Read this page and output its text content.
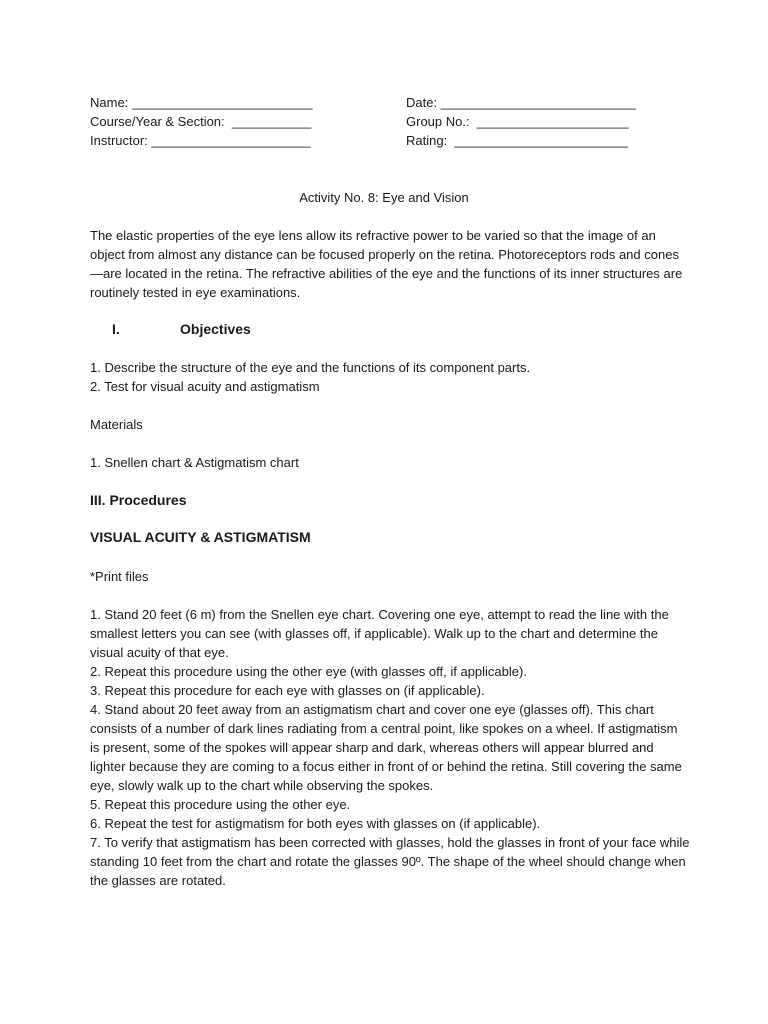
Name: _________________________
Course/Year & Section:  ___________
Instructor: ______________________
Date: ___________________________
Group No.:  _____________________
Rating:  ________________________
Activity No. 8: Eye and Vision
The elastic properties of the eye lens allow its refractive power to be varied so that the image of an object from almost any distance can be focused properly on the retina. Photoreceptors rods and cones—are located in the retina. The refractive abilities of the eye and the functions of its inner structures are routinely tested in eye examinations.
I.	Objectives

1. Describe the structure of the eye and the functions of its component parts.

2. Test for visual acuity and astigmatism

Materials

1. Snellen chart & Astigmatism chart

III. Procedures
VISUAL ACUITY & ASTIGMATISM
*Print files

1. Stand 20 feet (6 m) from the Snellen eye chart. Covering one eye, attempt to read the line with the smallest letters you can see (with glasses off, if applicable). Walk up to the chart and determine the visual acuity of that eye.

2. Repeat this procedure using the other eye (with glasses off, if applicable).

3. Repeat this procedure for each eye with glasses on (if applicable).

4. Stand about 20 feet away from an astigmatism chart and cover one eye (glasses off). This chart consists of a number of dark lines radiating from a central point, like spokes on a wheel. If astigmatism is present, some of the spokes will appear sharp and dark, whereas others will appear blurred and lighter because they are coming to a focus either in front of or behind the retina. Still covering the same eye, slowly walk up to the chart while observing the spokes.

5. Repeat this procedure using the other eye.

6. Repeat the test for astigmatism for both eyes with glasses on (if applicable).

7. To verify that astigmatism has been corrected with glasses, hold the glasses in front of your face while standing 10 feet from the chart and rotate the glasses 90º. The shape of the wheel should change when the glasses are rotated.
